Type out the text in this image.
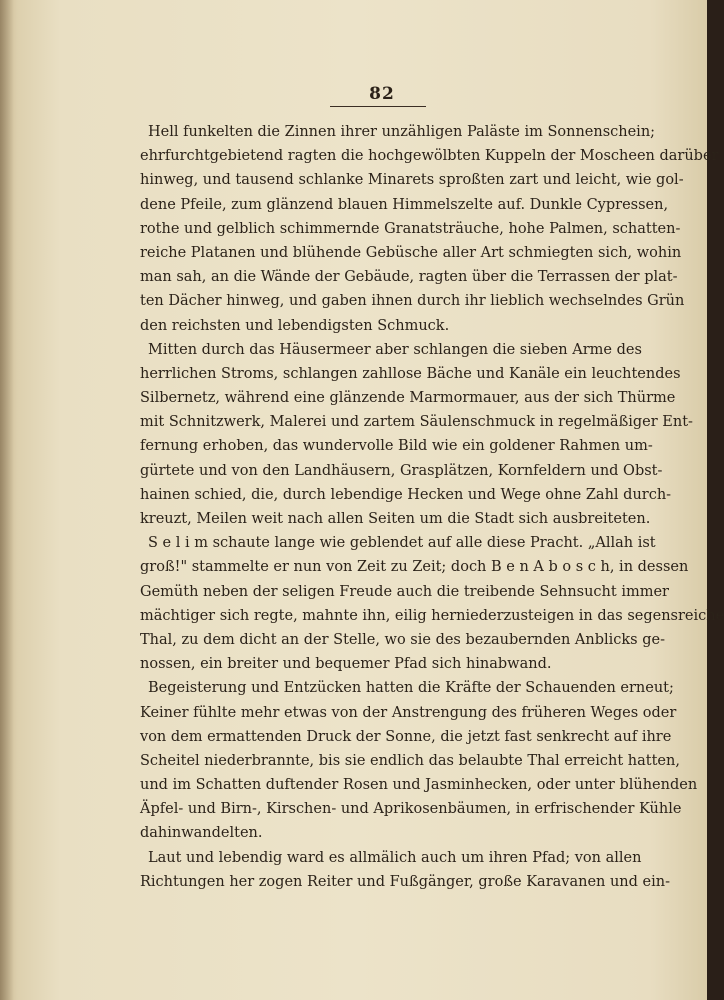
82
Hell funkelten die Zinnen ihrer unzähligen Paläste im Sonnenschein;
ehrfurchtgebietend ragten die hochgewölbten Kuppeln der Moscheen darüber
hinweg, und tausend schlanke Minarets sproßten zart und leicht, wie gol-
dene Pfeile, zum glänzend blauen Himmelszelte auf. Dunkle Cypressen,
rothe und gelblich schimmernde Granatsträuche, hohe Palmen, schatten-
reiche Platanen und blühende Gebüsche aller Art schmiegten sich, wohin
man sah, an die Wände der Gebäude, ragten über die Terrassen der plat-
ten Dächer hinweg, und gaben ihnen durch ihr lieblich wechselndes Grün
den reichsten und lebendigsten Schmuck.
Mitten durch das Häusermeer aber schlangen die sieben Arme des
herrlichen Stroms, schlangen zahllose Bäche und Kanäle ein leuchtendes
Silbernetz, während eine glänzende Marmormauer, aus der sich Thürme
mit Schnitzwerk, Malerei und zartem Säulenschmuck in regelmäßiger Ent-
fernung erhoben, das wundervolle Bild wie ein goldener Rahmen um-
gürtete und von den Landhäusern, Grasplätzen, Kornfeldern und Obst-
hainen schied, die, durch lebendige Hecken und Wege ohne Zahl durch-
kreuzt, Meilen weit nach allen Seiten um die Stadt sich ausbreiteten.
S e l i m schaute lange wie geblendet auf alle diese Pracht. „Allah ist
groß!" stammelte er nun von Zeit zu Zeit; doch B e n A b o s c h, in dessen
Gemüth neben der seligen Freude auch die treibende Sehnsucht immer
mächtiger sich regte, mahnte ihn, eilig herniederzusteigen in das segensreiche
Thal, zu dem dicht an der Stelle, wo sie des bezaubernden Anblicks ge-
nossen, ein breiter und bequemer Pfad sich hinabwand.
Begeisterung und Entzücken hatten die Kräfte der Schauenden erneut;
Keiner fühlte mehr etwas von der Anstrengung des früheren Weges oder
von dem ermattenden Druck der Sonne, die jetzt fast senkrecht auf ihre
Scheitel niederbrannte, bis sie endlich das belaubte Thal erreicht hatten,
und im Schatten duftender Rosen und Jasminhecken, oder unter blühenden
Äpfel- und Birn-, Kirschen- und Aprikosenbäumen, in erfrischender Kühle
dahinwandelten.
Laut und lebendig ward es allmälich auch um ihren Pfad; von allen
Richtungen her zogen Reiter und Fußgänger, große Karavanen und ein-
